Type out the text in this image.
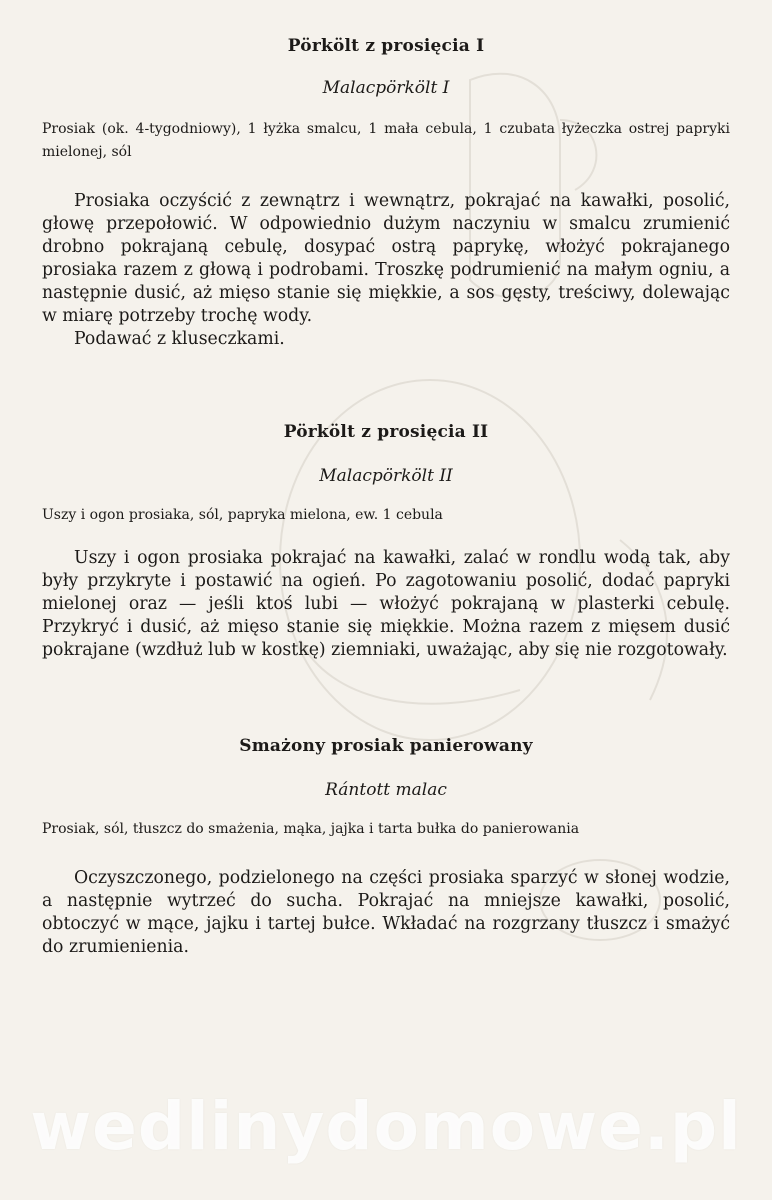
Pörkölt z prosięcia I

Malacpörkölt I

Prosiak (ok. 4-tygodniowy), 1 łyżka smalcu, 1 mała cebula, 1 czubata łyżeczka ostrej papryki mielonej, sól

Prosiaka oczyścić z zewnątrz i wewnątrz, pokrajać na kawałki, posolić, głowę przepołowić. W odpowiednio dużym naczyniu w smalcu zrumienić drobno pokrajaną cebulę, dosypać ostrą paprykę, włożyć pokrajanego prosiaka razem z głową i podrobami. Troszkę podrumienić na małym ogniu, a następnie dusić, aż mięso stanie się miękkie, a sos gęsty, treściwy, dolewając w miarę potrzeby trochę wody.

Podawać z kluseczkami.

Pörkölt z prosięcia II

Malacpörkölt II

Uszy i ogon prosiaka, sól, papryka mielona, ew. 1 cebula

Uszy i ogon prosiaka pokrajać na kawałki, zalać w rondlu wodą tak, aby były przykryte i postawić na ogień. Po zagotowaniu posolić, dodać papryki mielonej oraz — jeśli ktoś lubi — włożyć pokrajaną w plasterki cebulę. Przykryć i dusić, aż mięso stanie się miękkie. Można razem z mięsem dusić pokrajane (wzdłuż lub w kostkę) ziemniaki, uważając, aby się nie rozgotowały.

Smażony prosiak panierowany

Rántott malac

Prosiak, sól, tłuszcz do smażenia, mąka, jajka i tarta bułka do panierowania

Oczyszczonego, podzielonego na części prosiaka sparzyć w słonej wodzie, a następnie wytrzeć do sucha. Pokrajać na mniejsze kawałki, posolić, obtoczyć w mące, jajku i tartej bułce. Wkładać na rozgrzany tłuszcz i smażyć do zrumienienia.

wedlinydomowe.pl
